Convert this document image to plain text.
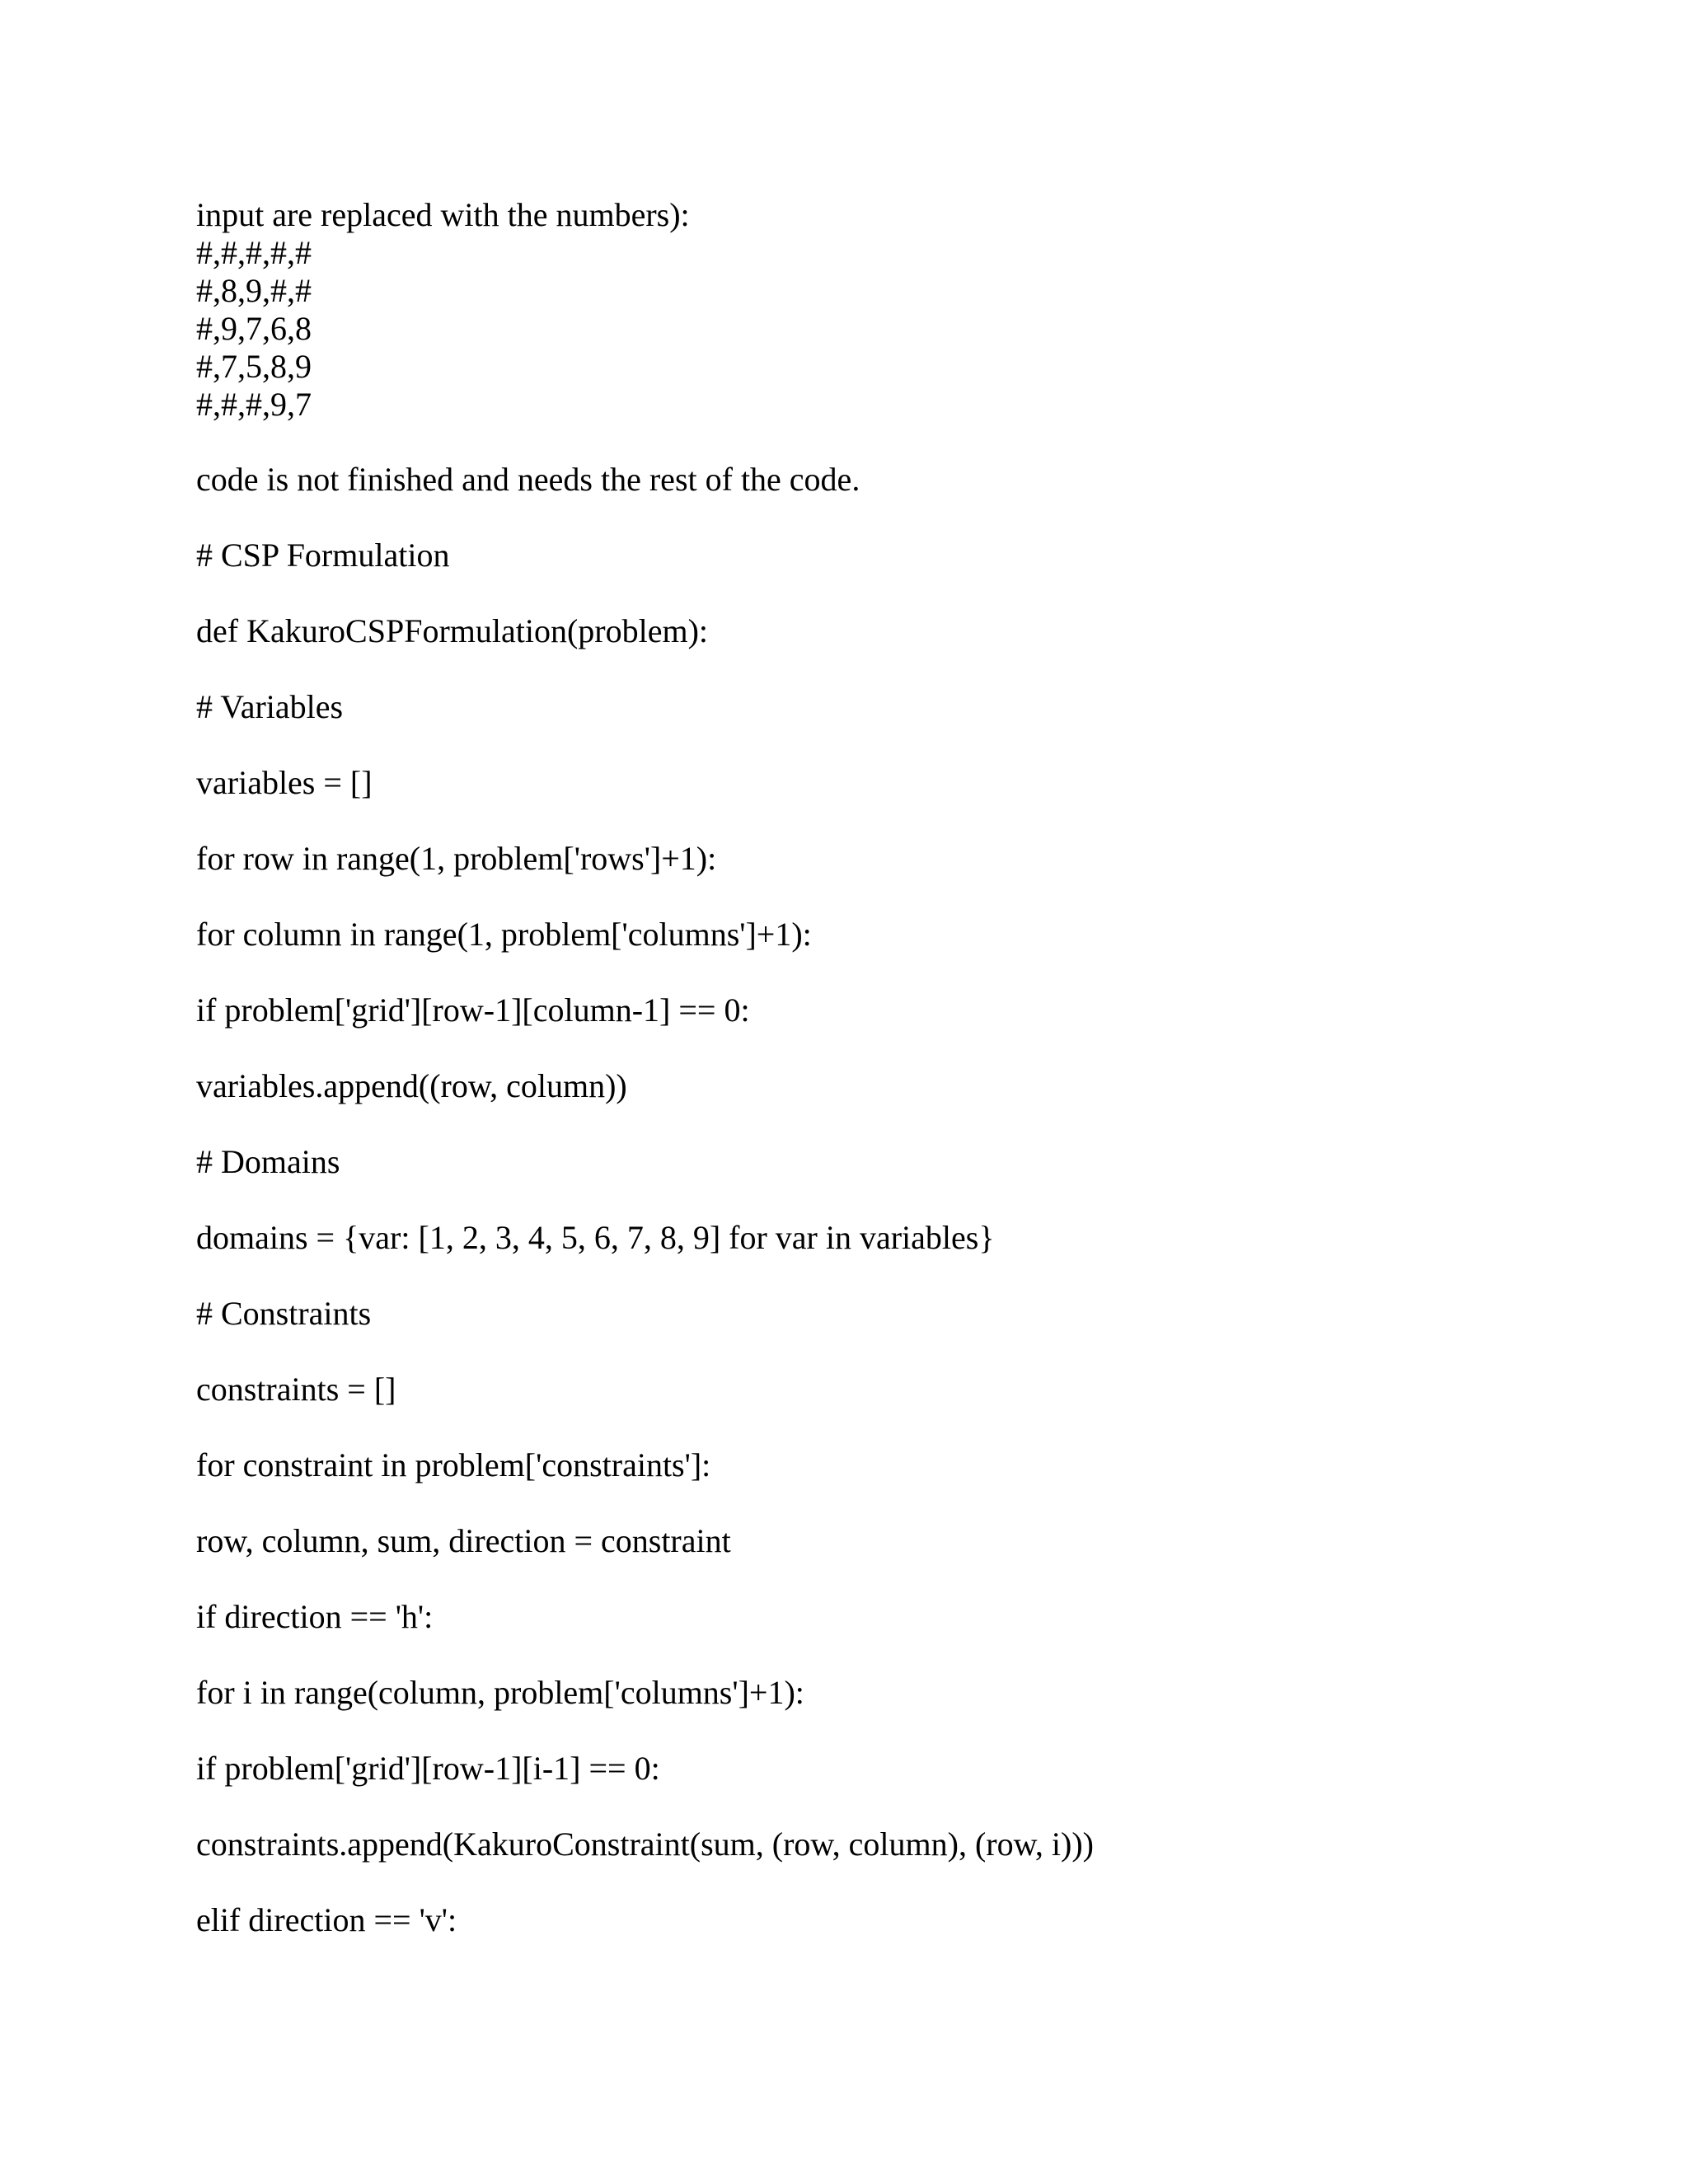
input are replaced with the numbers):

#,#,#,#,#

#,8,9,#,#

#,9,7,6,8

#,7,5,8,9

#,#,#,9,7

code is not finished and needs the rest of the code.

# CSP Formulation

def KakuroCSPFormulation(problem):

# Variables

variables = []

for row in range(1, problem['rows']+1):

for column in range(1, problem['columns']+1):

if problem['grid'][row-1][column-1] == 0:

variables.append((row, column))

# Domains

domains = {var: [1, 2, 3, 4, 5, 6, 7, 8, 9] for var in variables}

# Constraints

constraints = []

for constraint in problem['constraints']:

row, column, sum, direction = constraint

if direction == 'h':

for i in range(column, problem['columns']+1):

if problem['grid'][row-1][i-1] == 0:

constraints.append(KakuroConstraint(sum, (row, column), (row, i)))

elif direction == 'v':
